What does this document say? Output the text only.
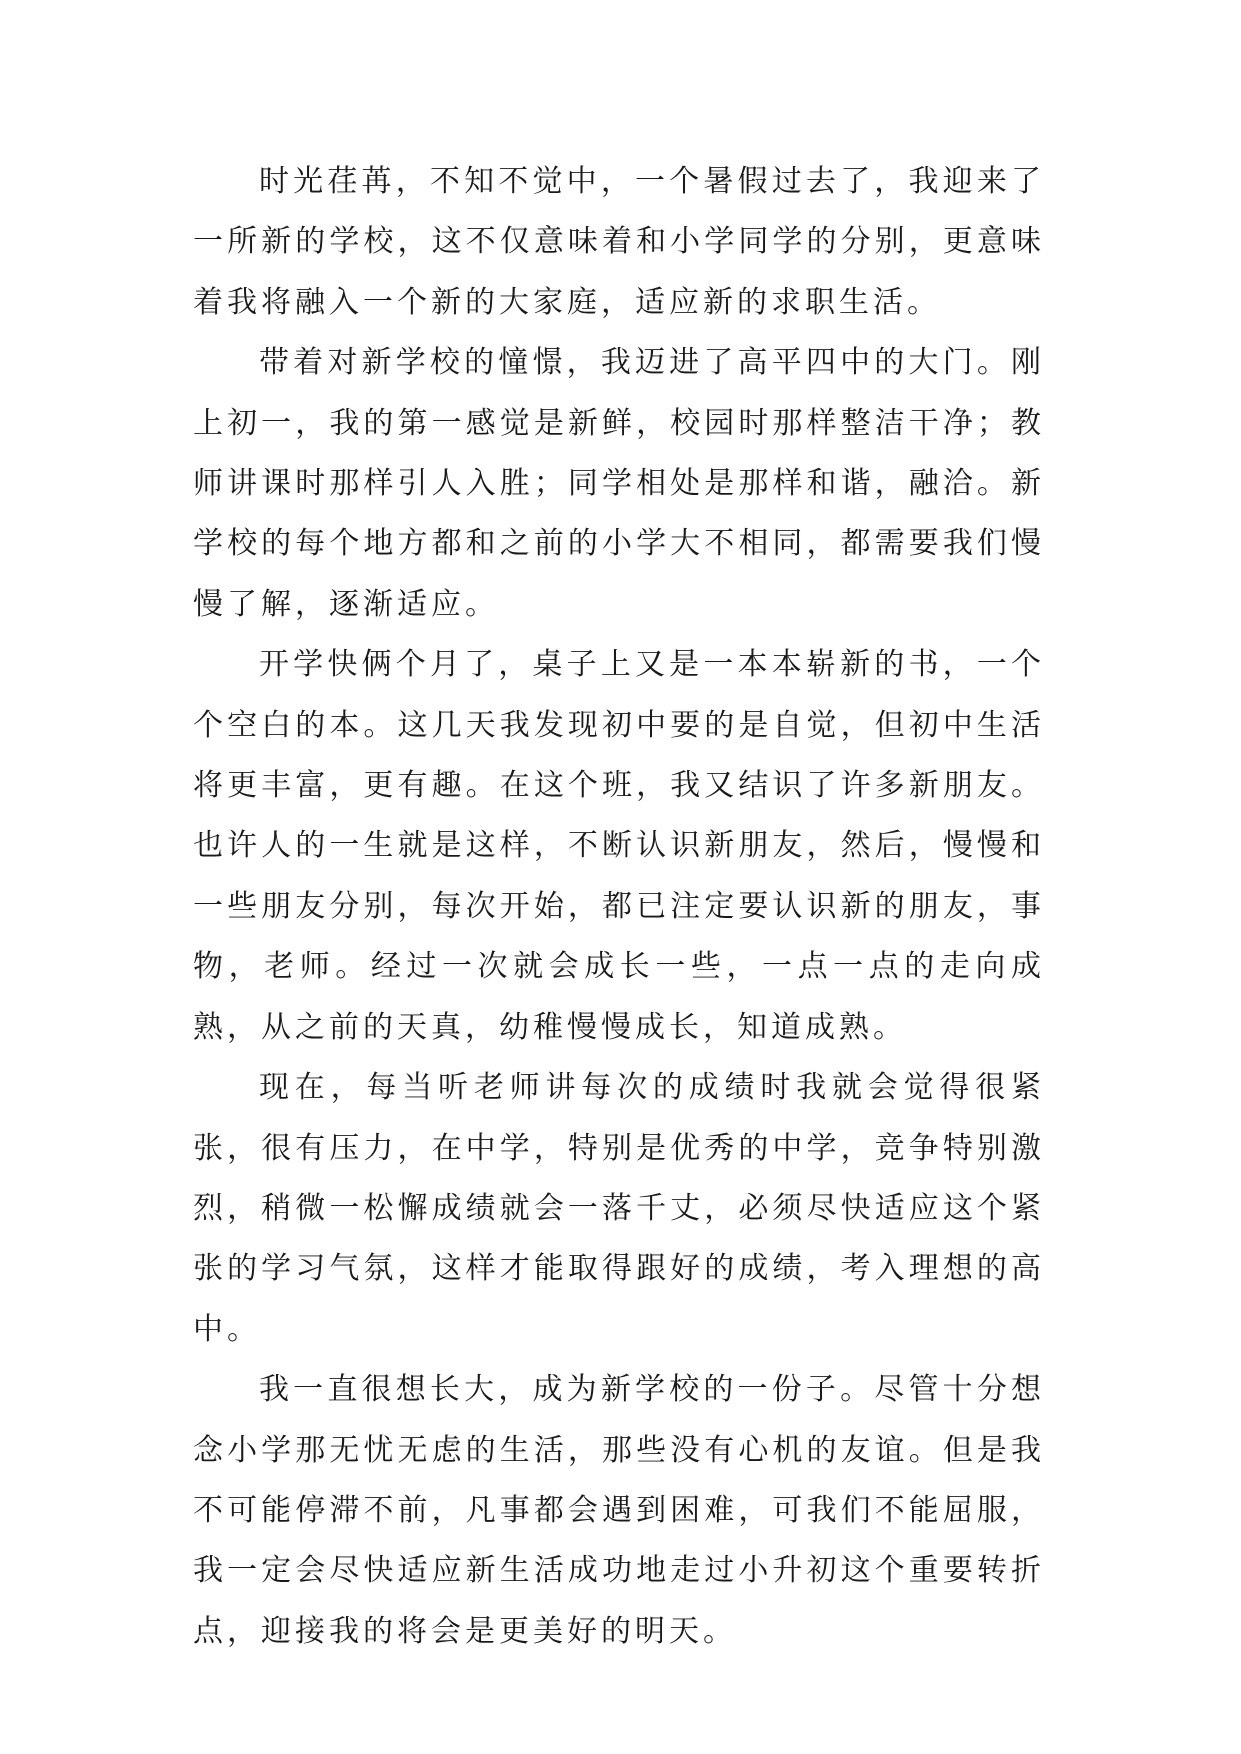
时光荏苒，不知不觉中，一个暑假过去了，我迎来了一所新的学校，这不仅意味着和小学同学的分别，更意味着我将融入一个新的大家庭，适应新的求职生活。

带着对新学校的憧憬，我迈进了高平四中的大门。刚上初一，我的第一感觉是新鲜，校园时那样整洁干净；教师讲课时那样引人入胜；同学相处是那样和谐，融洽。新学校的每个地方都和之前的小学大不相同，都需要我们慢慢了解，逐渐适应。

开学快俩个月了，桌子上又是一本本崭新的书，一个个空白的本。这几天我发现初中要的是自觉，但初中生活将更丰富，更有趣。在这个班，我又结识了许多新朋友。也许人的一生就是这样，不断认识新朋友，然后，慢慢和一些朋友分别，每次开始，都已注定要认识新的朋友，事物，老师。经过一次就会成长一些，一点一点的走向成熟，从之前的天真，幼稚慢慢成长，知道成熟。

现在，每当听老师讲每次的成绩时我就会觉得很紧张，很有压力，在中学，特别是优秀的中学，竞争特别激烈，稍微一松懈成绩就会一落千丈，必须尽快适应这个紧张的学习气氛，这样才能取得跟好的成绩，考入理想的高中。

我一直很想长大，成为新学校的一份子。尽管十分想念小学那无忧无虑的生活，那些没有心机的友谊。但是我不可能停滞不前，凡事都会遇到困难，可我们不能屈服，我一定会尽快适应新生活成功地走过小升初这个重要转折点，迎接我的将会是更美好的明天。
